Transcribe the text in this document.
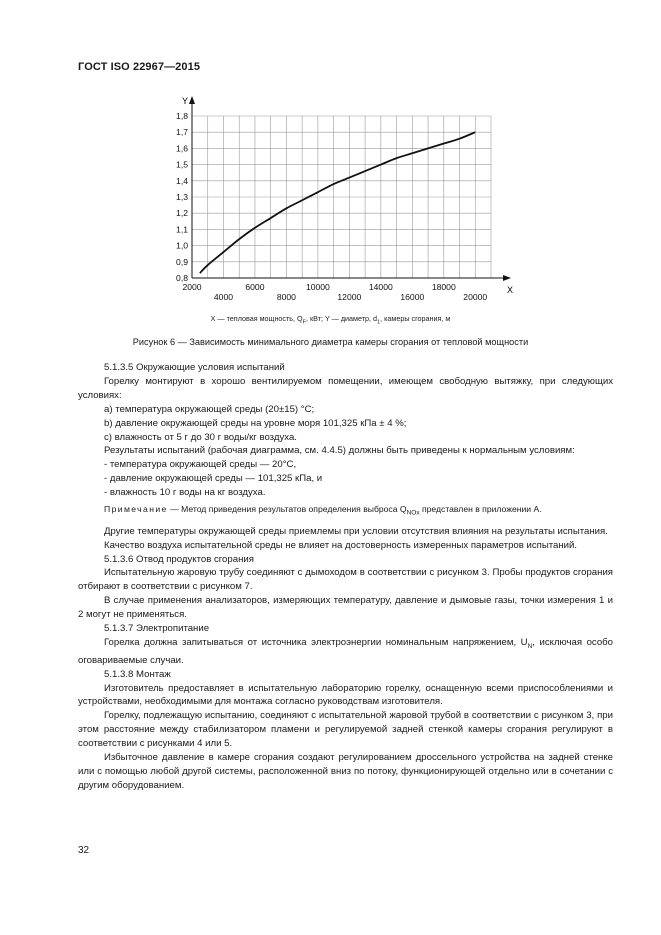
ГОСТ ISO 22967—2015
0,8
0,9
1,0
1,1
1,2
1,3
1,4
1,5
1,6
1,7
1,8
2000	6000	10000	14000	18000
4000	8000	12000	16000	20000
Y
X
X — тепловая мощность, $Q_F$, кВт; Y — диаметр, $d_1$, камеры сгорания, м
Рисунок 6 — Зависимость минимального диаметра камеры сгорания от тепловой мощности

5.1.3.5 Окружающие условия испытаний

Горелку монтируют в хорошо вентилируемом помещении, имеющем свободную вытяжку, при следующих условиях:

a) температура окружающей среды (20±15) °С;

b) давление окружающей среды на уровне моря 101,325 кПа ± 4 %;

c) влажность от 5 г до 30 г воды/кг воздуха.

Результаты испытаний (рабочая диаграмма, см. 4.4.5) должны быть приведены к нормальным условиям:

- температура окружающей среды — 20°С,

- давление окружающей среды — 101,325 кПа, и

- влажность 10 г воды на кг воздуха.

Примечание — Метод приведения результатов определения выброса $Q_{NOx}$ представлен в приложении А.

Другие температуры окружающей среды приемлемы при условии отсутствия влияния на результаты испытания.

Качество воздуха испытательной среды не влияет на достоверность измеренных параметров испытаний.

5.1.3.6 Отвод продуктов сгорания

Испытательную жаровую трубу соединяют с дымоходом в соответствии с рисунком 3. Пробы продуктов сгорания отбирают в соответствии с рисунком 7.

В случае применения анализаторов, измеряющих температуру, давление и дымовые газы, точки измерения 1 и 2 могут не применяться.

5.1.3.7 Электропитание

Горелка должна запитываться от источника электроэнергии номинальным напряжением, $U_N$, исключая особо оговариваемые случаи.

5.1.3.8 Монтаж

Изготовитель предоставляет в испытательную лабораторию горелку, оснащенную всеми приспособлениями и устройствами, необходимыми для монтажа согласно руководствам изготовителя.

Горелку, подлежащую испытанию, соединяют с испытательной жаровой трубой в соответствии с рисунком 3, при этом расстояние между стабилизатором пламени и регулируемой задней стенкой камеры сгорания регулируют в соответствии с рисунками 4 или 5.

Избыточное давление в камере сгорания создают регулированием дроссельного устройства на задней стенке или с помощью любой другой системы, расположенной вниз по потоку, функционирующей отдельно или в сочетании с другим оборудованием.

32
